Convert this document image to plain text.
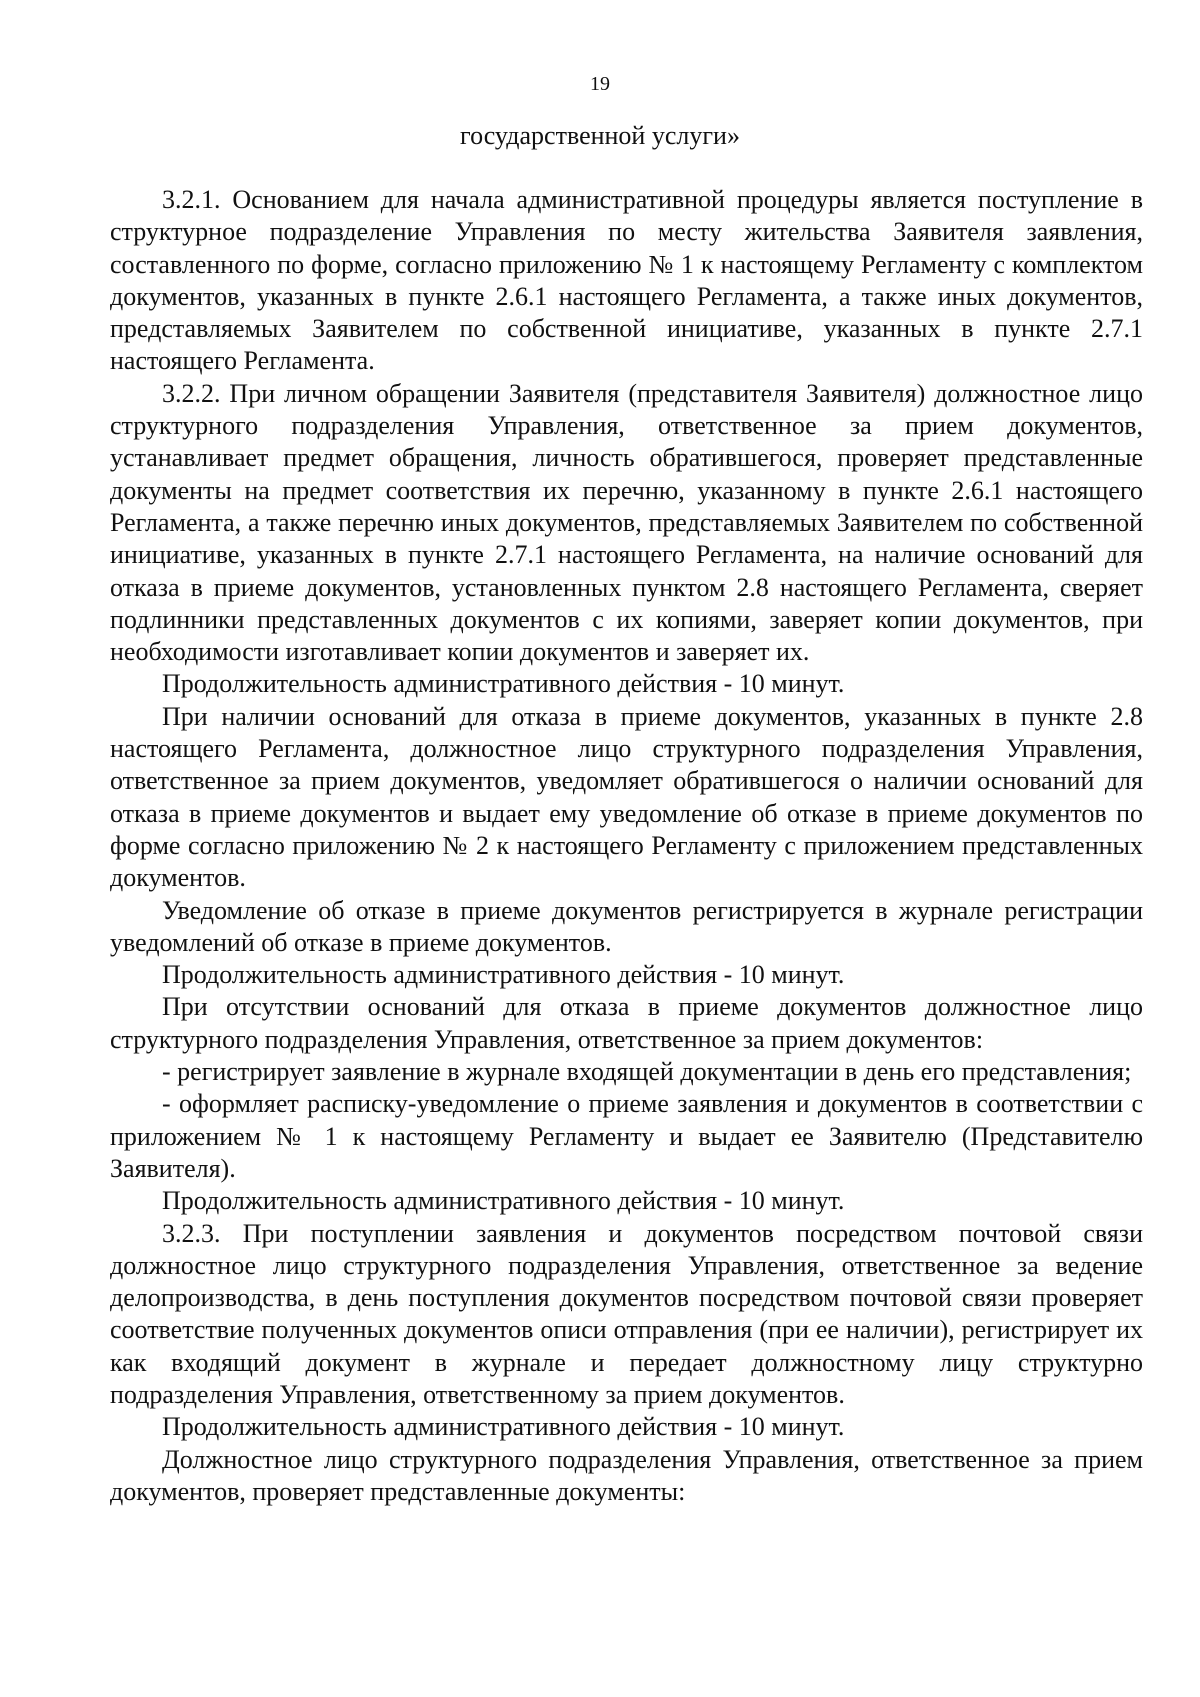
19
государственной услуги»

3.2.1. Основанием для начала административной процедуры является поступление в структурное подразделение Управления по месту жительства Заявителя заявления, составленного по форме, согласно приложению № 1 к настоящему Регламенту с комплектом документов, указанных в пункте 2.6.1 настоящего Регламента, а также иных документов, представляемых Заявителем по собственной инициативе, указанных в пункте 2.7.1 настоящего Регламента.

3.2.2. При личном обращении Заявителя (представителя Заявителя) должностное лицо структурного подразделения Управления, ответственное за прием документов, устанавливает предмет обращения, личность обратившегося, проверяет представленные документы на предмет соответствия их перечню, указанному в пункте 2.6.1 настоящего Регламента, а также перечню иных документов, представляемых Заявителем по собственной инициативе, указанных в пункте 2.7.1 настоящего Регламента, на наличие оснований для отказа в приеме документов, установленных пунктом 2.8 настоящего Регламента, сверяет подлинники представленных документов с их копиями, заверяет копии документов, при необходимости изготавливает копии документов и заверяет их.

Продолжительность административного действия - 10 минут.

При наличии оснований для отказа в приеме документов, указанных в пункте 2.8 настоящего Регламента, должностное лицо структурного подразделения Управления, ответственное за прием документов, уведомляет обратившегося о наличии оснований для отказа в приеме документов и выдает ему уведомление об отказе в приеме документов по форме согласно приложению № 2 к настоящего Регламенту с приложением представленных документов.

Уведомление об отказе в приеме документов регистрируется в журнале регистрации уведомлений об отказе в приеме документов.

Продолжительность административного действия - 10 минут.

При отсутствии оснований для отказа в приеме документов должностное лицо структурного подразделения Управления, ответственное за прием документов:

- регистрирует заявление в журнале входящей документации в день его представления;

- оформляет расписку-уведомление о приеме заявления и документов в соответствии с приложением № 1 к настоящему Регламенту и выдает ее Заявителю (Представителю Заявителя).

Продолжительность административного действия - 10 минут.

3.2.3. При поступлении заявления и документов посредством почтовой связи должностное лицо структурного подразделения Управления, ответственное за ведение делопроизводства, в день поступления документов посредством почтовой связи проверяет соответствие полученных документов описи отправления (при ее наличии), регистрирует их как входящий документ в журнале и передает должностному лицу структурно подразделения Управления, ответственному за прием документов.

Продолжительность административного действия - 10 минут.

Должностное лицо структурного подразделения Управления, ответственное за прием документов, проверяет представленные документы:
